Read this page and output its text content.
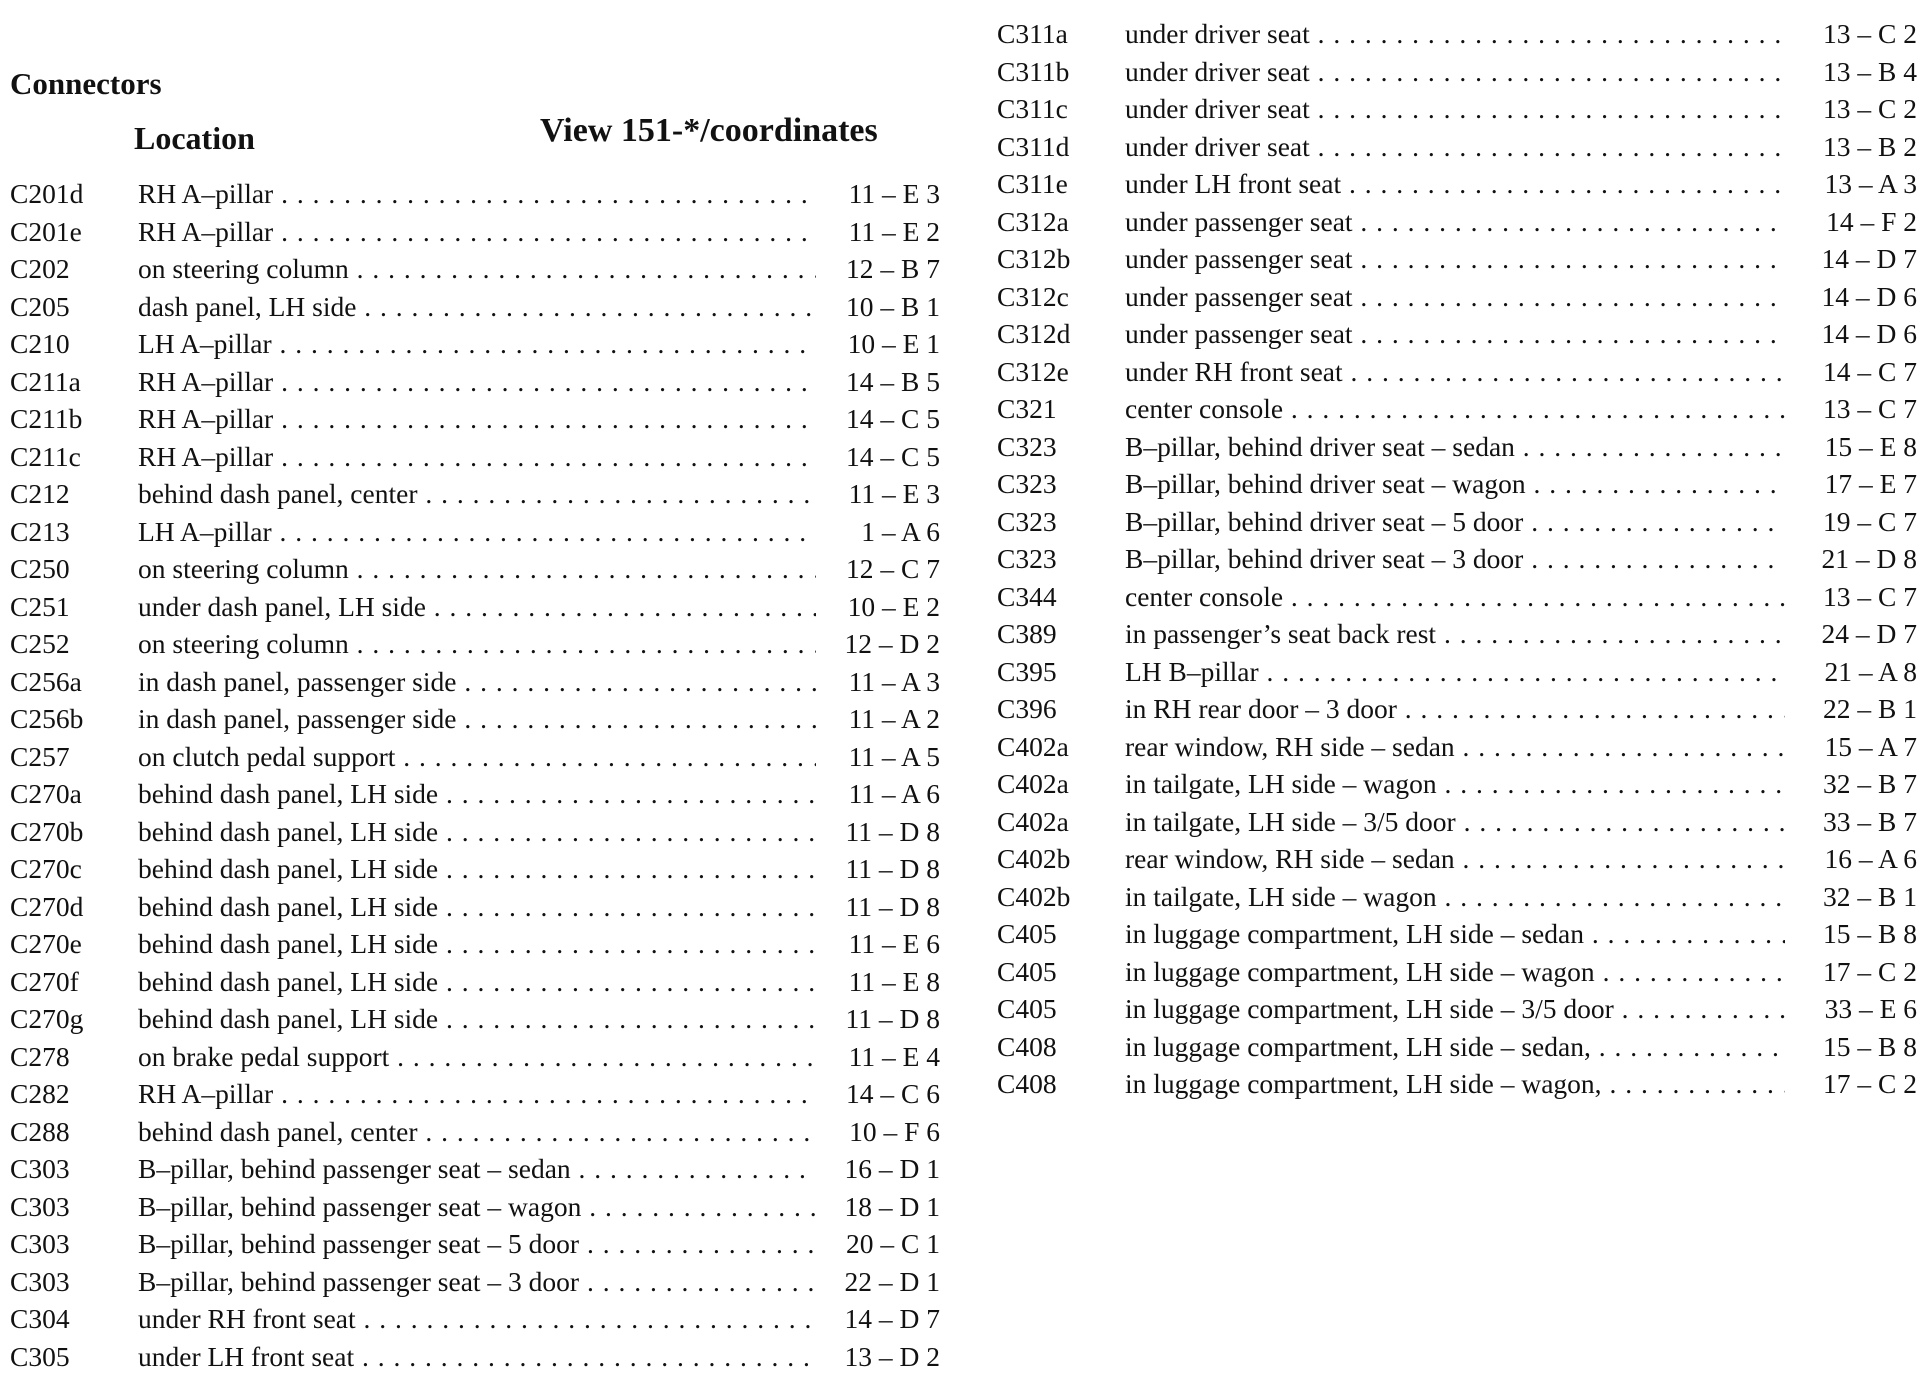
Connectors
Location	View 151-*/coordinates
C201d	RH A–pillar . . .	11 – E 3
C201e	RH A–pillar . . .	11 – E 2
C202	on steering column . . .	12 – B 7
C205	dash panel, LH side . . .	10 – B 1
C210	LH A–pillar . . .	10 – E 1
C211a	RH A–pillar . . .	14 – B 5
C211b	RH A–pillar . . .	14 – C 5
C211c	RH A–pillar . . .	14 – C 5
C212	behind dash panel, center . . .	11 – E 3
C213	LH A–pillar . . .	1 – A 6
C250	on steering column . . .	12 – C 7
C251	under dash panel, LH side . . .	10 – E 2
C252	on steering column . . .	12 – D 2
C256a	in dash panel, passenger side . . .	11 – A 3
C256b	in dash panel, passenger side . . .	11 – A 2
C257	on clutch pedal support . . .	11 – A 5
C270a	behind dash panel, LH side . . .	11 – A 6
C270b	behind dash panel, LH side . . .	11 – D 8
C270c	behind dash panel, LH side . . .	11 – D 8
C270d	behind dash panel, LH side . . .	11 – D 8
C270e	behind dash panel, LH side . . .	11 – E 6
C270f	behind dash panel, LH side . . .	11 – E 8
C270g	behind dash panel, LH side . . .	11 – D 8
C278	on brake pedal support . . .	11 – E 4
C282	RH A–pillar . . .	14 – C 6
C288	behind dash panel, center . . .	10 – F 6
C303	B–pillar, behind passenger seat – sedan . . .	16 – D 1
C303	B–pillar, behind passenger seat – wagon . . .	18 – D 1
C303	B–pillar, behind passenger seat – 5 door . . .	20 – C 1
C303	B–pillar, behind passenger seat – 3 door . . .	22 – D 1
C304	under RH front seat . . .	14 – D 7
C305	under LH front seat . . .	13 – D 2
C311a	under driver seat . . .	13 – C 2
C311b	under driver seat . . .	13 – B 4
C311c	under driver seat . . .	13 – C 2
C311d	under driver seat . . .	13 – B 2
C311e	under LH front seat . . .	13 – A 3
C312a	under passenger seat . . .	14 – F 2
C312b	under passenger seat . . .	14 – D 7
C312c	under passenger seat . . .	14 – D 6
C312d	under passenger seat . . .	14 – D 6
C312e	under RH front seat . . .	14 – C 7
C321	center console . . .	13 – C 7
C323	B–pillar, behind driver seat – sedan . . .	15 – E 8
C323	B–pillar, behind driver seat – wagon . . .	17 – E 7
C323	B–pillar, behind driver seat – 5 door . . .	19 – C 7
C323	B–pillar, behind driver seat – 3 door . . .	21 – D 8
C344	center console . . .	13 – C 7
C389	in passenger’s seat back rest . . .	24 – D 7
C395	LH B–pillar . . .	21 – A 8
C396	in RH rear door – 3 door . . .	22 – B 1
C402a	rear window, RH side – sedan . . .	15 – A 7
C402a	in tailgate, LH side – wagon . . .	32 – B 7
C402a	in tailgate, LH side – 3/5 door . . .	33 – B 7
C402b	rear window, RH side – sedan . . .	16 – A 6
C402b	in tailgate, LH side – wagon . . .	32 – B 1
C405	in luggage compartment, LH side – sedan . . .	15 – B 8
C405	in luggage compartment, LH side – wagon . . .	17 – C 2
C405	in luggage compartment, LH side – 3/5 door . . .	33 – E 6
C408	in luggage compartment, LH side – sedan, . . .	15 – B 8
C408	in luggage compartment, LH side – wagon, . . .	17 – C 2
